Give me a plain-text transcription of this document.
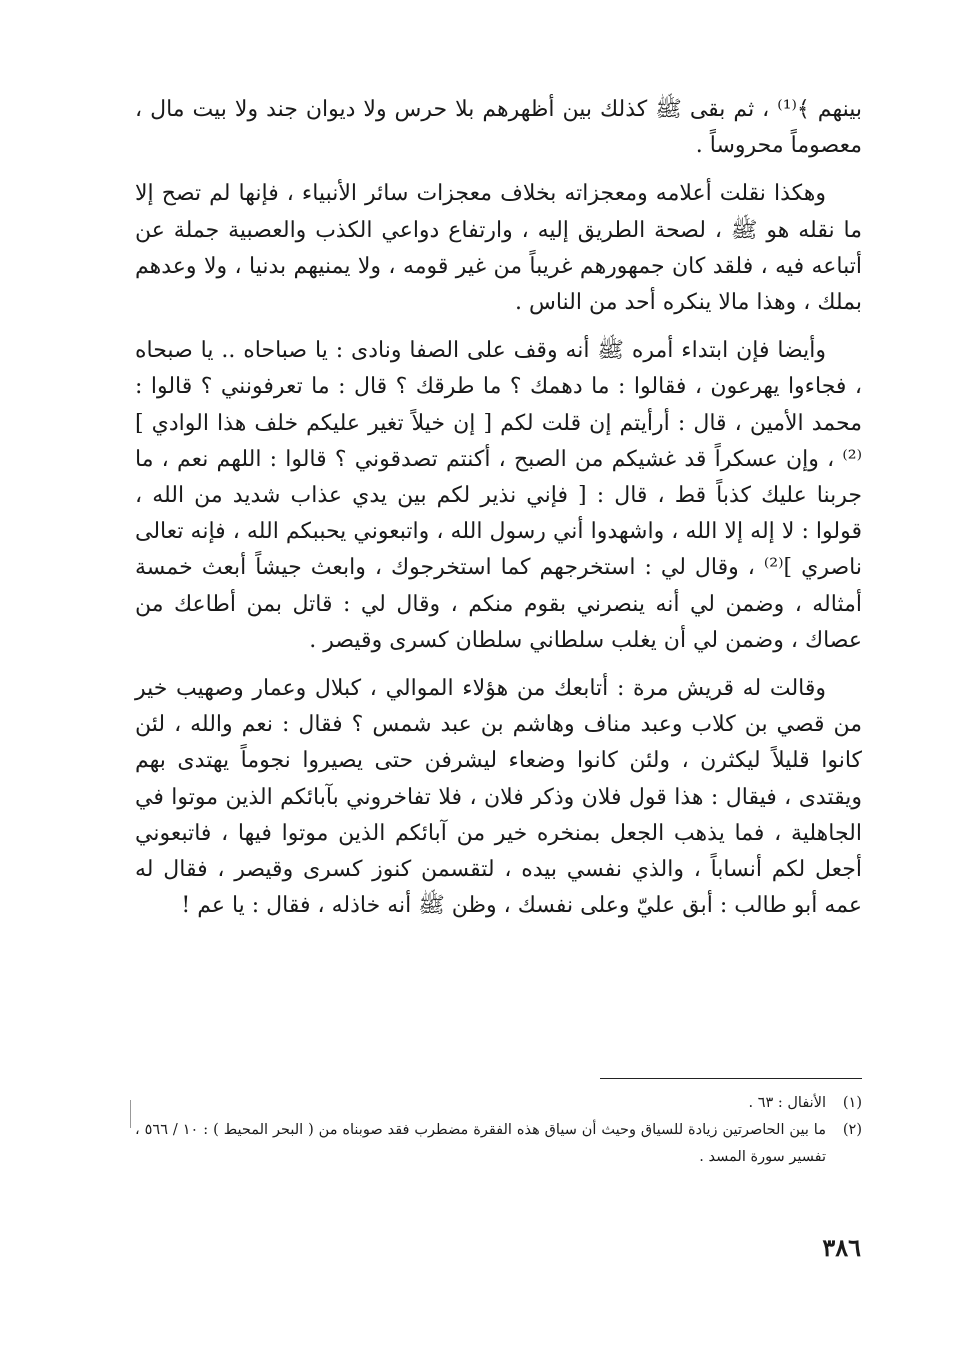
بينهم ﴾⁽¹⁾ ، ثم بقى ﷺ كذلك بين أظهرهم بلا حرس ولا ديوان جند ولا بيت مال ، معصوماً محروساً .

وهكذا نقلت أعلامه ومعجزاته بخلاف معجزات سائر الأنبياء ، فإنها لم تصح إلا ما نقله هو ﷺ ، لصحة الطريق إليه ، وارتفاع دواعي الكذب والعصبية جملة عن أتباعه فيه ، فلقد كان جمهورهم غريباً من غير قومه ، ولا يمنيهم بدنيا ، ولا وعدهم بملك ، وهذا مالا ينكره أحد من الناس .

وأيضا فإن ابتداء أمره ﷺ أنه وقف على الصفا ونادى : يا صباحاه .. يا صبحاه ، فجاءوا يهرعون ، فقالوا : ما دهمك ؟ ما طرقك ؟ قال : ما تعرفونني ؟ قالوا : محمد الأمين ، قال : أرأيتم إن قلت لكم [ إن خيلاً تغير عليكم خلف هذا الوادي ]⁽²⁾ ، وإن عسكراً قد غشيكم من الصبح ، أكنتم تصدقوني ؟ قالوا : اللهم نعم ، ما جربنا عليك كذباً قط ، قال : [ فإني نذير لكم بين يدي عذاب شديد من الله ، قولوا : لا إله إلا الله ، واشهدوا أني رسول الله ، واتبعوني يحببكم الله ، فإنه تعالى ناصري ]⁽²⁾ ، وقال لي : استخرجهم كما استخرجوك ، وابعث جيشاً أبعث خمسة أمثاله ، وضمن لي أنه ينصرني بقوم منكم ، وقال لي : قاتل بمن أطاعك من عصاك ، وضمن لي أن يغلب سلطاني سلطان كسرى وقيصر .

وقالت له قريش مرة : أتابعك من هؤلاء الموالي ، كبلال وعمار وصهيب خير من قصي بن كلاب وعبد مناف وهاشم بن عبد شمس ؟ فقال : نعم والله ، لئن كانوا قليلاً ليكثرن ، ولئن كانوا وضعاء ليشرفن حتى يصيروا نجوماً يهتدى بهم ويقتدى ، فيقال : هذا قول فلان وذكر فلان ، فلا تفاخروني بآبائكم الذين موتوا في الجاهلية ، فما يذهب الجعل بمنخره خير من آبائكم الذين موتوا فيها ، فاتبعوني أجعل لكم أنساباً ، والذي نفسي بيده ، لتقسمن كنوز كسرى وقيصر ، فقال له عمه أبو طالب : أبق عليّ وعلى نفسك ، وظن ﷺ أنه خاذله ، فقال : يا عم !

(١)
الأنفال : ٦٣ .
(٢)
ما بين الحاصرتين زيادة للسياق وحيث أن سياق هذه الفقرة مضطرب فقد صوبناه من ( البحر المحيط ) : ١٠ / ٥٦٦ ، تفسير سورة المسد .
٣٨٦
